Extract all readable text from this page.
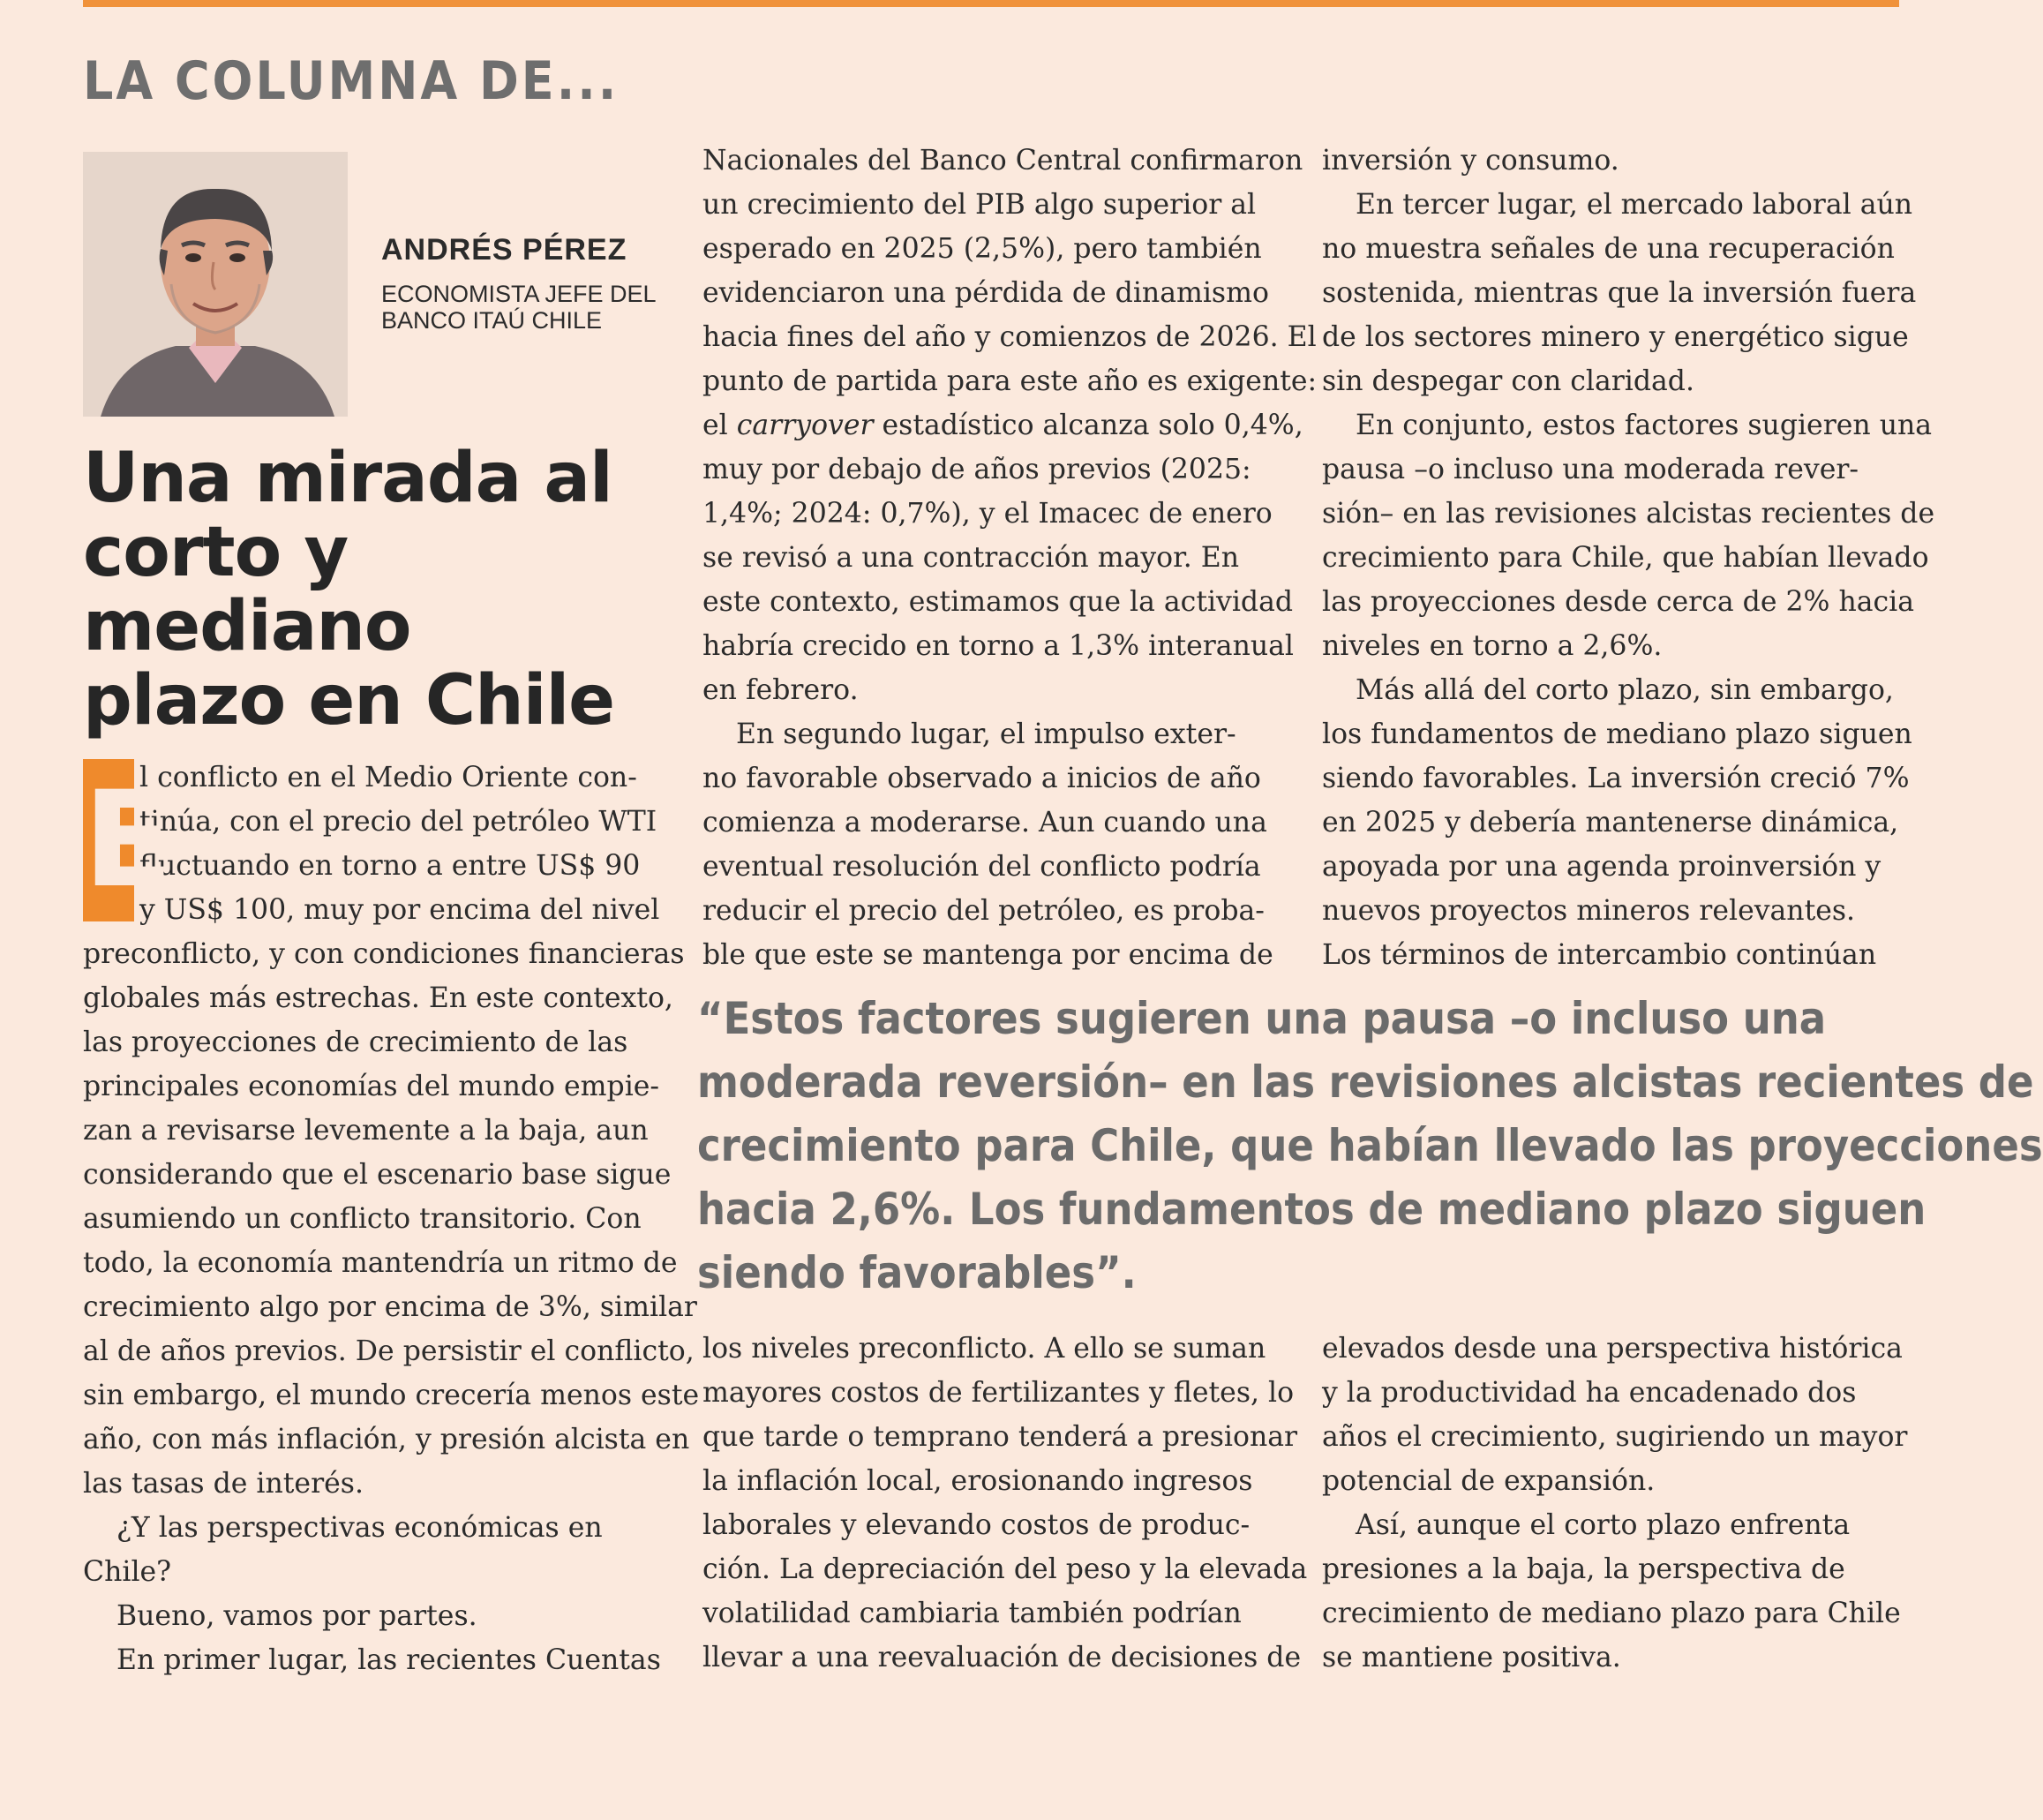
LA COLUMNA DE...
ANDRÉS PÉREZ
ECONOMISTA JEFE DEL
BANCO ITAÚ CHILE
Una mirada al
corto y mediano
plazo en Chile
E

l conflicto en el Medio Oriente con-

tinúa, con el precio del petróleo WTI

fluctuando en torno a entre US$ 90

y US$ 100, muy por encima del nivel

preconflicto, y con condiciones financieras

globales más estrechas. En este contexto,

las proyecciones de crecimiento de las

principales economías del mundo empie-

zan a revisarse levemente a la baja, aun

considerando que el escenario base sigue

asumiendo un conflicto transitorio. Con

todo, la economía mantendría un ritmo de

crecimiento algo por encima de 3%, similar

al de años previos. De persistir el conflicto,

sin embargo, el mundo crecería menos este

año, con más inflación, y presión alcista en

las tasas de interés.

¿Y las perspectivas económicas en

Chile?

Bueno, vamos por partes.

En primer lugar, las recientes Cuentas

Nacionales del Banco Central confirmaron

un crecimiento del PIB algo superior al

esperado en 2025 (2,5%), pero también

evidenciaron una pérdida de dinamismo

hacia fines del año y comienzos de 2026. El

punto de partida para este año es exigente:

el carryover estadístico alcanza solo 0,4%,

muy por debajo de años previos (2025:

1,4%; 2024: 0,7%), y el Imacec de enero

se revisó a una contracción mayor. En

este contexto, estimamos que la actividad

habría crecido en torno a 1,3% interanual

en febrero.

En segundo lugar, el impulso exter-

no favorable observado a inicios de año

comienza a moderarse. Aun cuando una

eventual resolución del conflicto podría

reducir el precio del petróleo, es proba-

ble que este se mantenga por encima de

inversión y consumo.

En tercer lugar, el mercado laboral aún

no muestra señales de una recuperación

sostenida, mientras que la inversión fuera

de los sectores minero y energético sigue

sin despegar con claridad.

En conjunto, estos factores sugieren una

pausa –o incluso una moderada rever-

sión– en las revisiones alcistas recientes de

crecimiento para Chile, que habían llevado

las proyecciones desde cerca de 2% hacia

niveles en torno a 2,6%.

Más allá del corto plazo, sin embargo,

los fundamentos de mediano plazo siguen

siendo favorables. La inversión creció 7%

en 2025 y debería mantenerse dinámica,

apoyada por una agenda proinversión y

nuevos proyectos mineros relevantes.

Los términos de intercambio continúan

“Estos factores sugieren una pausa –o incluso una
moderada reversión– en las revisiones alcistas recientes de
crecimiento para Chile, que habían llevado las proyecciones
hacia 2,6%. Los fundamentos de mediano plazo siguen
siendo favorables”.

los niveles preconflicto. A ello se suman

mayores costos de fertilizantes y fletes, lo

que tarde o temprano tenderá a presionar

la inflación local, erosionando ingresos

laborales y elevando costos de produc-

ción. La depreciación del peso y la elevada

volatilidad cambiaria también podrían

llevar a una reevaluación de decisiones de

elevados desde una perspectiva histórica

y la productividad ha encadenado dos

años el crecimiento, sugiriendo un mayor

potencial de expansión.

Así, aunque el corto plazo enfrenta

presiones a la baja, la perspectiva de

crecimiento de mediano plazo para Chile

se mantiene positiva.
